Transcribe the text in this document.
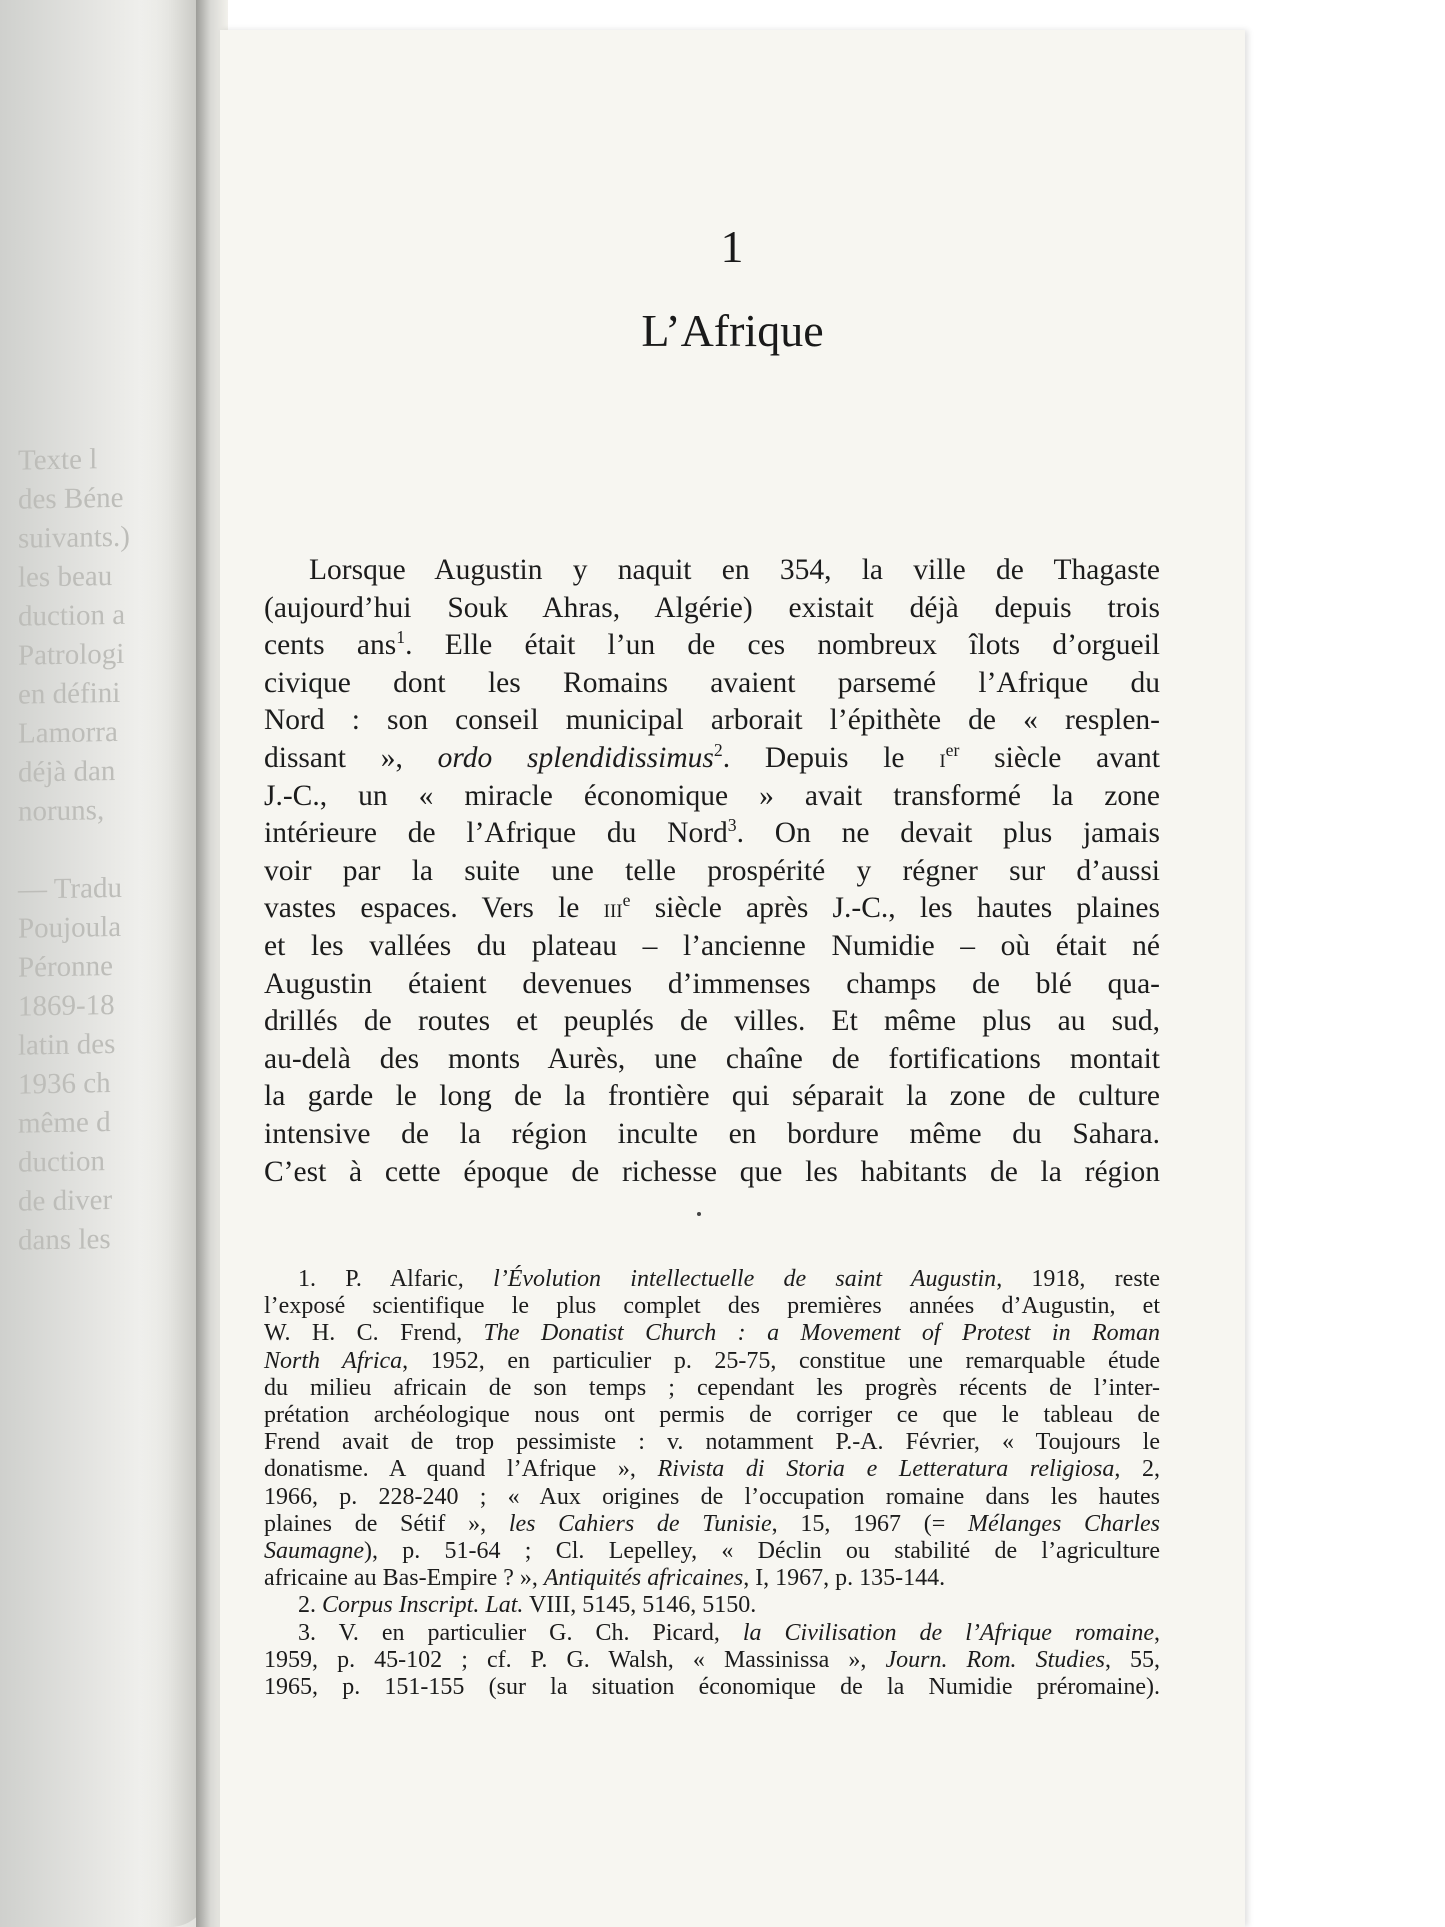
Texte l
des Béne
suivants.)
les beau
duction a
Patrologi
en défini
Lamorra
déjà dan
noruns,

— Tradu
Poujoula
Péronne
1869-18
latin des
1936 ch
même d
duction
de diver
dans les
1
L’Afrique
Lorsque Augustin y naquit en 354, la ville de Thagaste
(aujourd’hui Souk Ahras, Algérie) existait déjà depuis trois
cents ans$^1$. Elle était l’un de ces nombreux îlots d’orgueil
civique dont les Romains avaient parsemé l’Afrique du
Nord : son conseil municipal arborait l’épithète de « resplen-
dissant », ordo splendidissimus$^2$. Depuis le $i^{er}$ siècle avant
J.-C., un « miracle économique » avait transformé la zone
intérieure de l’Afrique du Nord$^3$. On ne devait plus jamais
voir par la suite une telle prospérité y régner sur d’aussi
vastes espaces. Vers le iii$^e$ siècle après J.-C., les hautes plaines
et les vallées du plateau – l’ancienne Numidie – où était né
Augustin étaient devenues d’immenses champs de blé qua-
drillés de routes et peuplés de villes. Et même plus au sud,
au-delà des monts Aurès, une chaîne de fortifications montait
la garde le long de la frontière qui séparait la zone de culture
intensive de la région inculte en bordure même du Sahara.
C’est à cette époque de richesse que les habitants de la région
1. P. Alfaric, l’Évolution intellectuelle de saint Augustin, 1918, reste
l’exposé scientifique le plus complet des premières années d’Augustin, et
W. H. C. Frend, The Donatist Church : a Movement of Protest in Roman
North Africa, 1952, en particulier p. 25-75, constitue une remarquable étude
du milieu africain de son temps ; cependant les progrès récents de l’inter-
prétation archéologique nous ont permis de corriger ce que le tableau de
Frend avait de trop pessimiste : v. notamment P.-A. Février, « Toujours le
donatisme. A quand l’Afrique », Rivista di Storia e Letteratura religiosa, 2,
1966, p. 228-240 ; « Aux origines de l’occupation romaine dans les hautes
plaines de Sétif », les Cahiers de Tunisie, 15, 1967 (= Mélanges Charles
Saumagne), p. 51-64 ; Cl. Lepelley, « Déclin ou stabilité de l’agriculture
africaine au Bas-Empire ? », Antiquités africaines, I, 1967, p. 135-144.
2. Corpus Inscript. Lat. VIII, 5145, 5146, 5150.
3. V. en particulier G. Ch. Picard, la Civilisation de l’Afrique romaine,
1959, p. 45-102 ; cf. P. G. Walsh, « Massinissa », Journ. Rom. Studies, 55,
1965, p. 151-155 (sur la situation économique de la Numidie préromaine).
